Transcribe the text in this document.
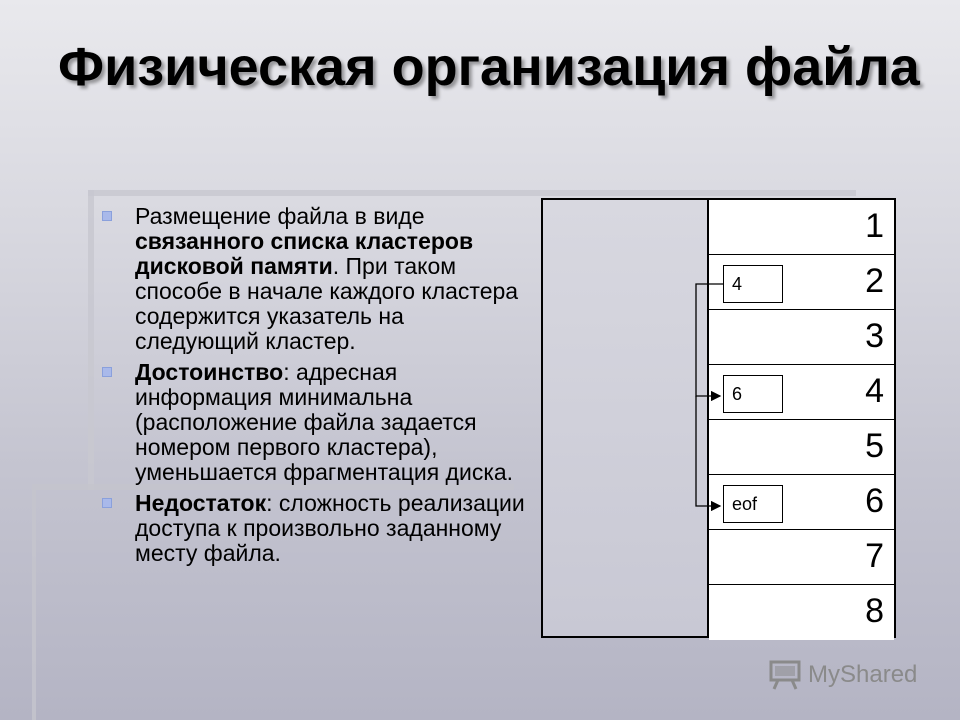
Физическая организация файла
Размещение файла в виде связанного списка кластеров дисковой памяти. При таком способе в начале каждого кластера содержится указатель на следующий кластер.
Достоинство: адресная информация минимальна (расположение файла задается номером первого кластера), уменьшается фрагментация диска.
Недостаток: сложность реализации доступа к произвольно заданному месту файла.
1
4	2
3
6	4
5
eof	6
7
8
MyShared
